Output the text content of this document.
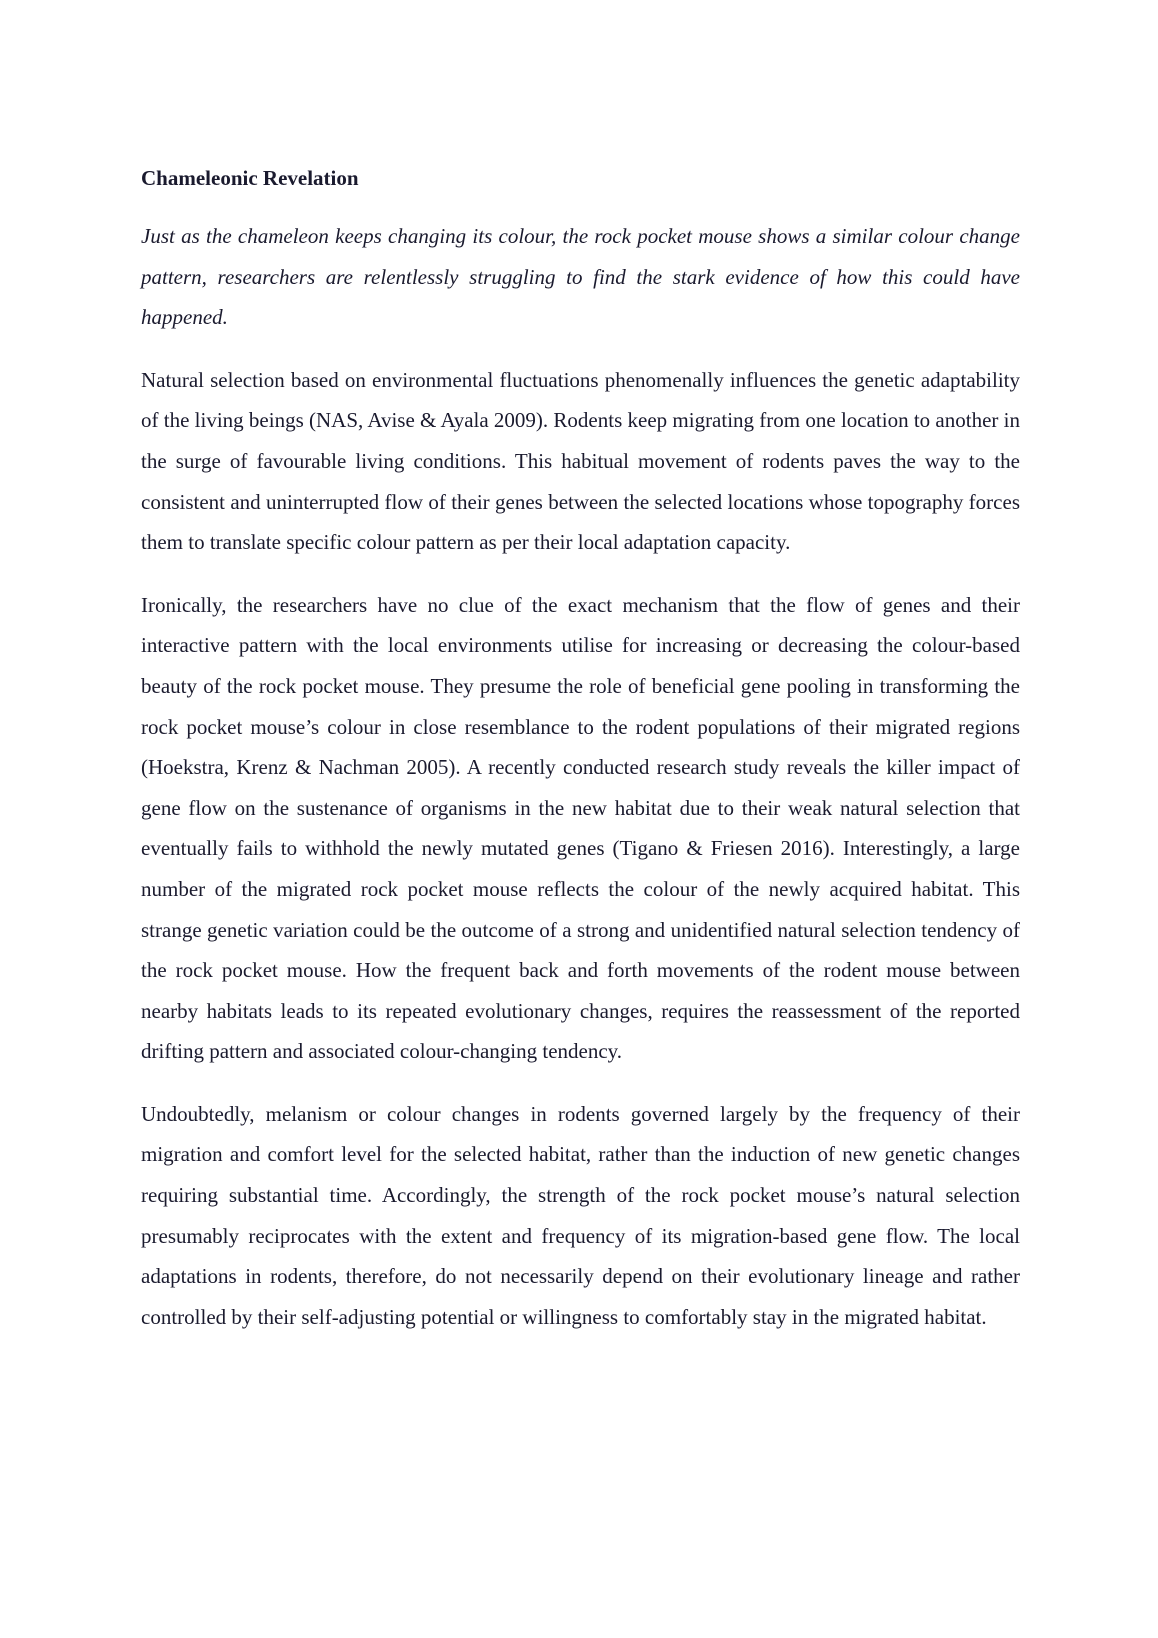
Chameleonic Revelation

Just as the chameleon keeps changing its colour, the rock pocket mouse shows a similar colour change pattern, researchers are relentlessly struggling to find the stark evidence of how this could have happened.

Natural selection based on environmental fluctuations phenomenally influences the genetic adaptability of the living beings (NAS, Avise & Ayala 2009). Rodents keep migrating from one location to another in the surge of favourable living conditions. This habitual movement of rodents paves the way to the consistent and uninterrupted flow of their genes between the selected locations whose topography forces them to translate specific colour pattern as per their local adaptation capacity.

Ironically, the researchers have no clue of the exact mechanism that the flow of genes and their interactive pattern with the local environments utilise for increasing or decreasing the colour-based beauty of the rock pocket mouse. They presume the role of beneficial gene pooling in transforming the rock pocket mouse’s colour in close resemblance to the rodent populations of their migrated regions (Hoekstra, Krenz & Nachman 2005). A recently conducted research study reveals the killer impact of gene flow on the sustenance of organisms in the new habitat due to their weak natural selection that eventually fails to withhold the newly mutated genes (Tigano & Friesen 2016). Interestingly, a large number of the migrated rock pocket mouse reflects the colour of the newly acquired habitat. This strange genetic variation could be the outcome of a strong and unidentified natural selection tendency of the rock pocket mouse. How the frequent back and forth movements of the rodent mouse between nearby habitats leads to its repeated evolutionary changes, requires the reassessment of the reported drifting pattern and associated colour-changing tendency.

Undoubtedly, melanism or colour changes in rodents governed largely by the frequency of their migration and comfort level for the selected habitat, rather than the induction of new genetic changes requiring substantial time. Accordingly, the strength of the rock pocket mouse’s natural selection presumably reciprocates with the extent and frequency of its migration-based gene flow. The local adaptations in rodents, therefore, do not necessarily depend on their evolutionary lineage and rather controlled by their self-adjusting potential or willingness to comfortably stay in the migrated habitat.
